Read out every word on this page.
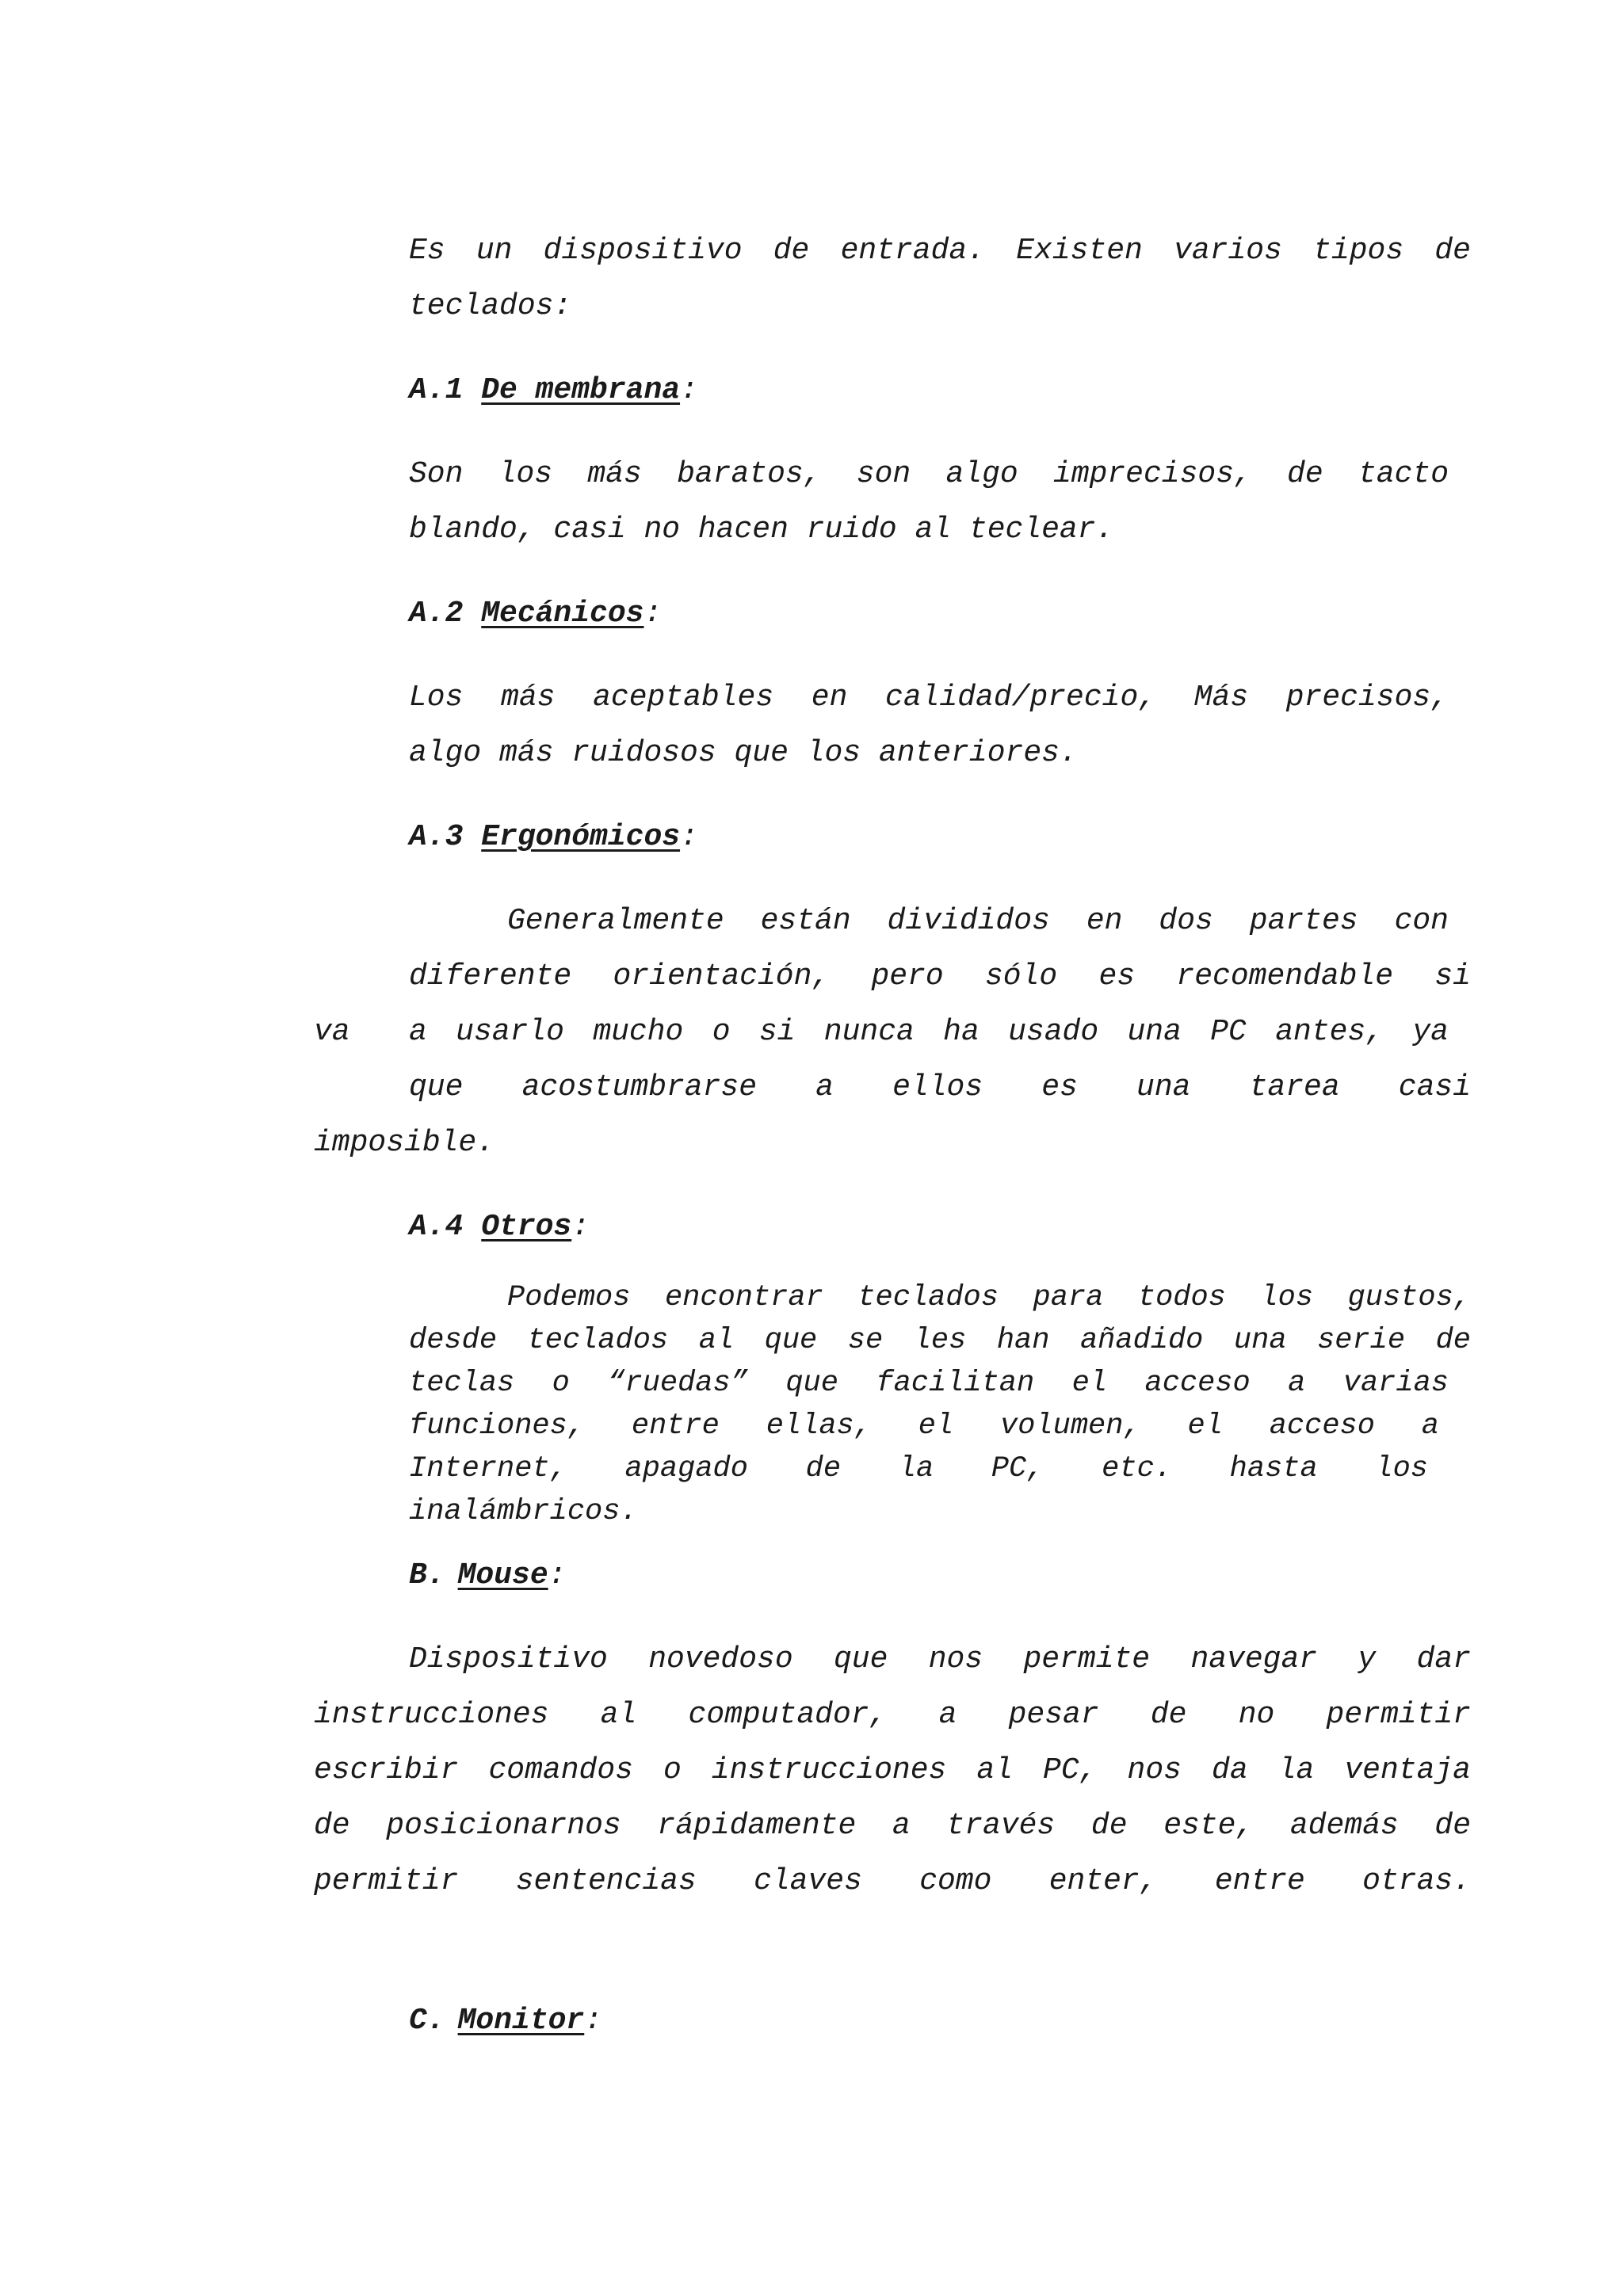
Es un dispositivo de entrada. Existen varios tipos de
teclados:
A.1 De membrana:
Son los más baratos, son algo imprecisos, de tacto
blando, casi no hacen ruido al teclear.
A.2 Mecánicos:
Los más aceptables en calidad/precio, Más precisos,
algo más ruidosos que los anteriores.
A.3 Ergonómicos:
Generalmente están divididos en dos partes con
diferente orientación, pero sólo es recomendable si
va a usarlo mucho o si nunca ha usado una PC antes, ya
que acostumbrarse a ellos es una tarea casi
imposible.
A.4 Otros:
Podemos encontrar teclados para todos los gustos,
desde teclados al que se les han añadido una serie de
teclas o “ruedas” que facilitan el acceso a varias
funciones, entre ellas, el volumen, el acceso a
Internet, apagado de la PC, etc. hasta los
inalámbricos.
B. Mouse:
Dispositivo novedoso que nos permite navegar y dar
instrucciones al computador, a pesar de no permitir
escribir comandos o instrucciones al PC, nos da la ventaja
de posicionarnos rápidamente a través de este, además de
permitir sentencias claves como enter, entre otras.
C. Monitor:
